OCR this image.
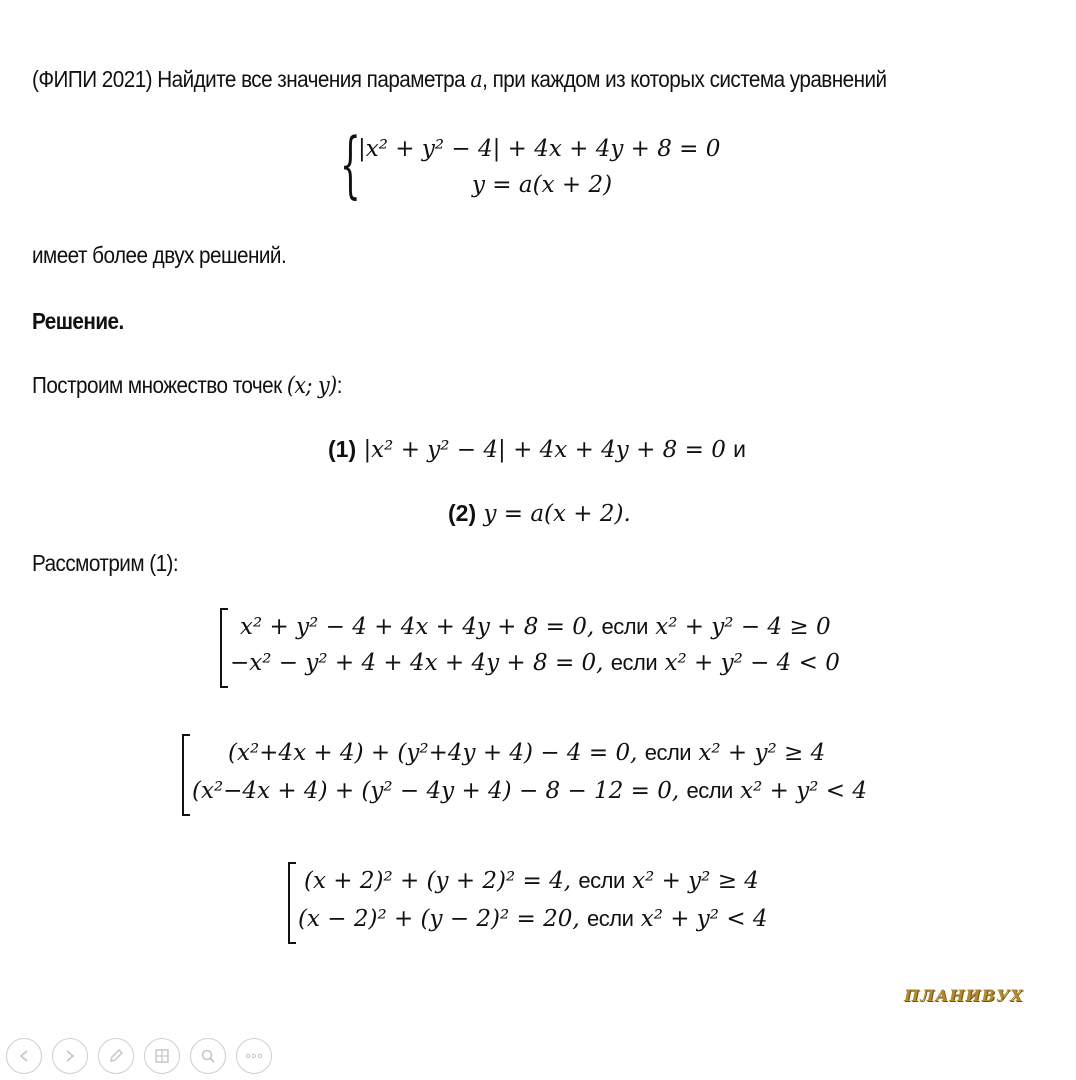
(ФИПИ 2021) Найдите все значения параметра a, при каждом из которых система уравнений
{
|x² + y² − 4| + 4x + 4y + 8 = 0
y = a(x + 2)
имеет более двух решений.
Решение.
Построим множество точек (x; y):
(1) |x² + y² − 4| + 4x + 4y + 8 = 0 и
(2) y = a(x + 2).
Рассмотрим (1):
x² + y² − 4 + 4x + 4y + 8 = 0, если x² + y² − 4 ≥ 0
−x² − y² + 4 + 4x + 4y + 8 = 0, если x² + y² − 4 < 0
(x²+4x + 4) + (y²+4y + 4) − 4 = 0, если x² + y² ≥ 4
(x²−4x + 4) + (y² − 4y + 4) − 8 − 12 = 0, если x² + y² < 4
(x + 2)² + (y + 2)² = 4, если x² + y² ≥ 4
(x − 2)² + (y − 2)² = 20, если x² + y² < 4
ПЛАНИВУХ
